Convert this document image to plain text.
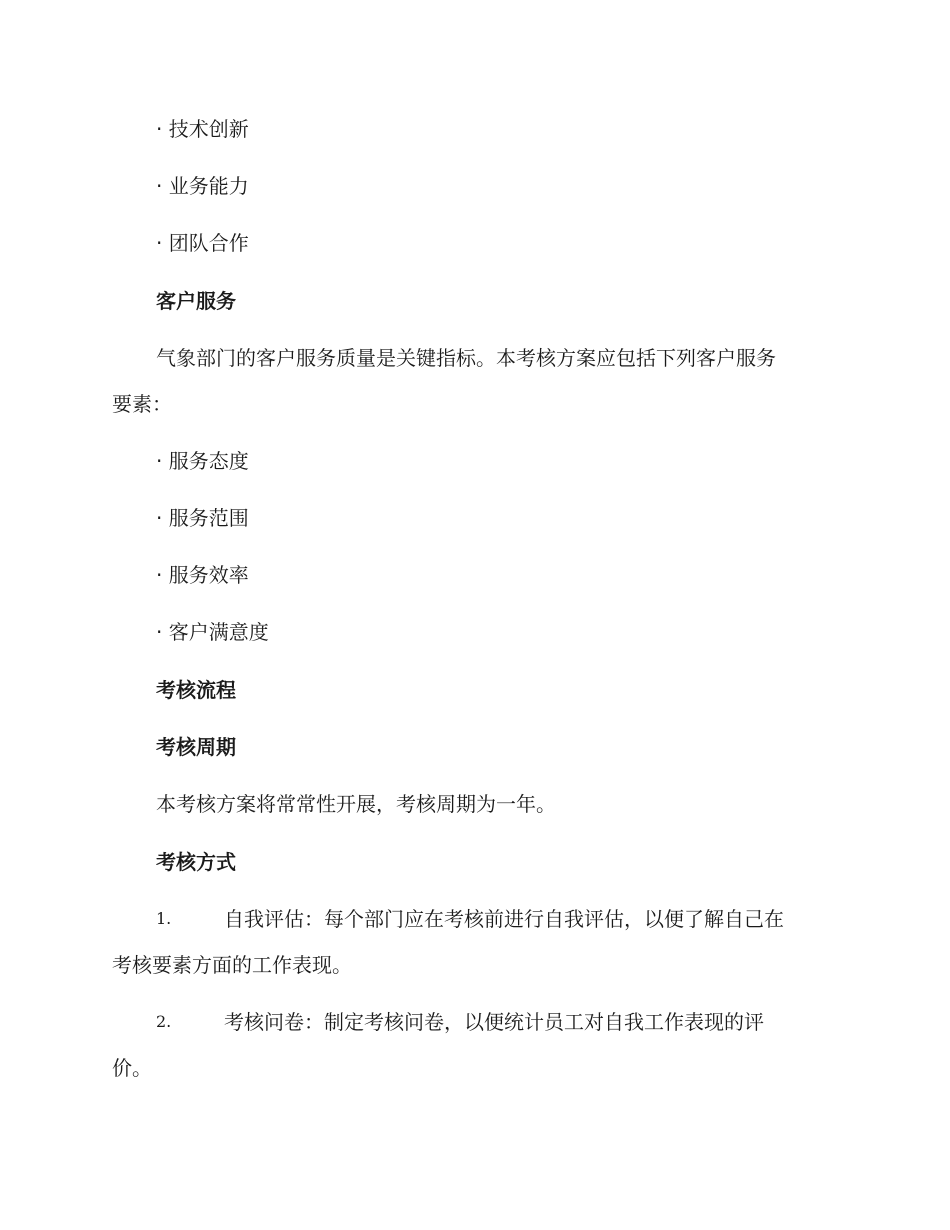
· 技术创新
· 业务能力
· 团队合作
客户服务
气象部门的客户服务质量是关键指标。本考核方案应包括下列客户服务
要素：
· 服务态度
· 服务范围
· 服务效率
· 客户满意度
考核流程
考核周期
本考核方案将常常性开展，考核周期为一年。
考核方式
1.	自我评估：每个部门应在考核前进行自我评估，以便了解自己在
考核要素方面的工作表现。
2.	考核问卷：制定考核问卷，以便统计员工对自我工作表现的评
价。
